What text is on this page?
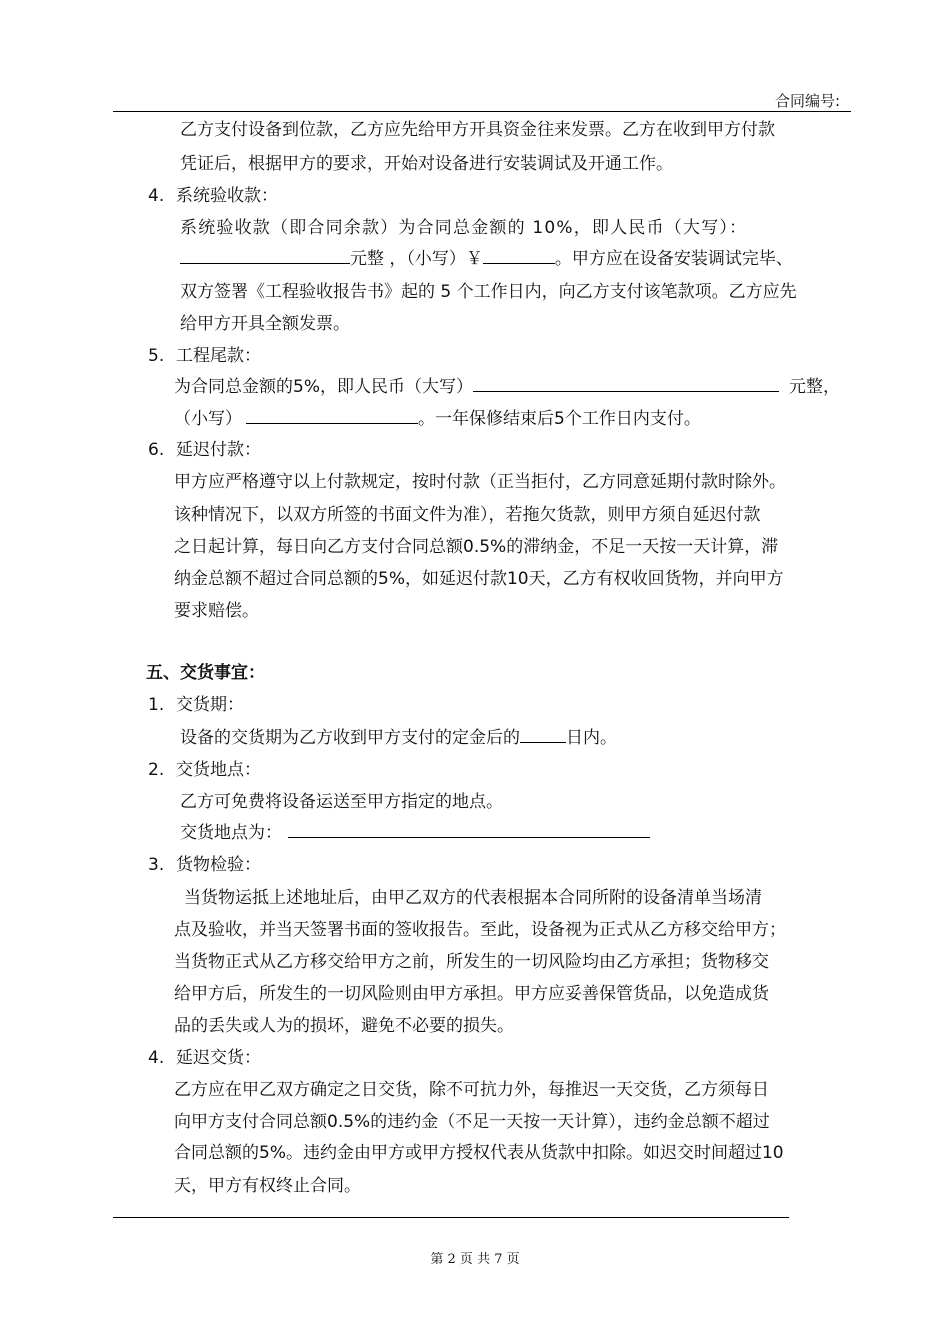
合同编号:
乙方支付设备到位款，乙方应先给甲方开具资金往来发票。乙方在收到甲方付款
凭证后，根据甲方的要求，开始对设备进行安装调试及开通工作。
4. 系统验收款：
系统验收款（即合同余款）为合同总金额的 10%，即人民币（大写）：
元整 ，（小写）￥	。甲方应在设备安装调试完毕、
双方签署《工程验收报告书》起的 5 个工作日内，向乙方支付该笔款项。乙方应先
给甲方开具全额发票。
5. 工程尾款：
为合同总金额的5%，即人民币（大写）	元整，
（小写）	。一年保修结束后5个工作日内支付。
6. 延迟付款：
甲方应严格遵守以上付款规定，按时付款（正当拒付，乙方同意延期付款时除外。
该种情况下，以双方所签的书面文件为准），若拖欠货款，则甲方须自延迟付款
之日起计算，每日向乙方支付合同总额0.5%的滞纳金，不足一天按一天计算，滞
纳金总额不超过合同总额的5%，如延迟付款10天，乙方有权收回货物，并向甲方
要求赔偿。
五、交货事宜：
1. 交货期：
设备的交货期为乙方收到甲方支付的定金后的	日内。
2. 交货地点：
乙方可免费将设备运送至甲方指定的地点。
交货地点为：
3. 货物检验：
当货物运抵上述地址后，由甲乙双方的代表根据本合同所附的设备清单当场清
点及验收，并当天签署书面的签收报告。至此，设备视为正式从乙方移交给甲方；
当货物正式从乙方移交给甲方之前，所发生的一切风险均由乙方承担；货物移交
给甲方后，所发生的一切风险则由甲方承担。甲方应妥善保管货品，以免造成货
品的丢失或人为的损坏，避免不必要的损失。
4. 延迟交货：
乙方应在甲乙双方确定之日交货，除不可抗力外，每推迟一天交货，乙方须每日
向甲方支付合同总额0.5%的违约金（不足一天按一天计算），违约金总额不超过
合同总额的5%。违约金由甲方或甲方授权代表从货款中扣除。如迟交时间超过10
天，甲方有权终止合同。
第 2 页 共 7 页
